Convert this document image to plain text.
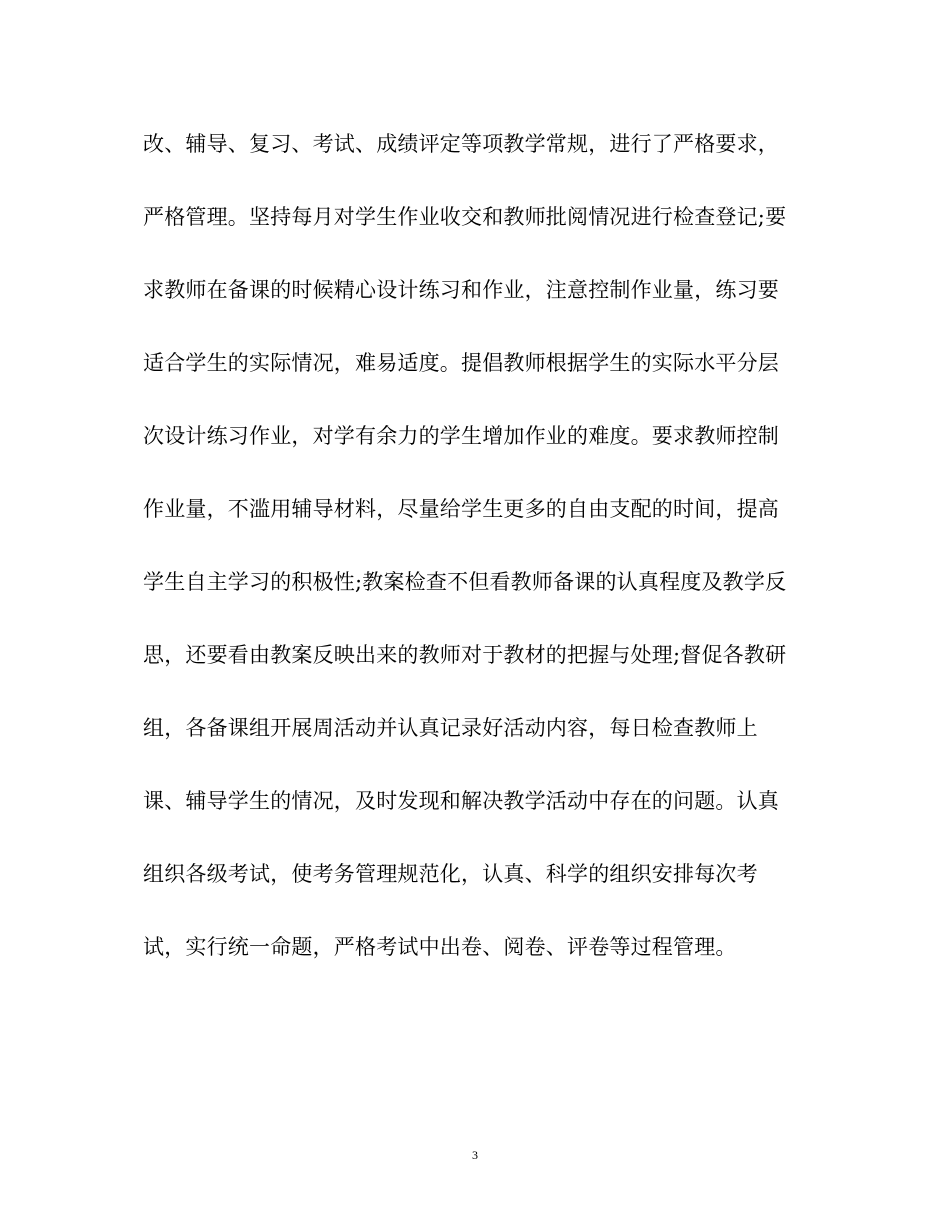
改、辅导、复习、考试、成绩评定等项教学常规，进行了严格要求，
严格管理。坚持每月对学生作业收交和教师批阅情况进行检查登记;要
求教师在备课的时候精心设计练习和作业，注意控制作业量，练习要
适合学生的实际情况，难易适度。提倡教师根据学生的实际水平分层
次设计练习作业，对学有余力的学生增加作业的难度。要求教师控制
作业量，不滥用辅导材料，尽量给学生更多的自由支配的时间，提高
学生自主学习的积极性;教案检查不但看教师备课的认真程度及教学反
思，还要看由教案反映出来的教师对于教材的把握与处理;督促各教研
组，各备课组开展周活动并认真记录好活动内容，每日检查教师上
课、辅导学生的情况，及时发现和解决教学活动中存在的问题。认真
组织各级考试，使考务管理规范化，认真、科学的组织安排每次考
试，实行统一命题，严格考试中出卷、阅卷、评卷等过程管理。
3
